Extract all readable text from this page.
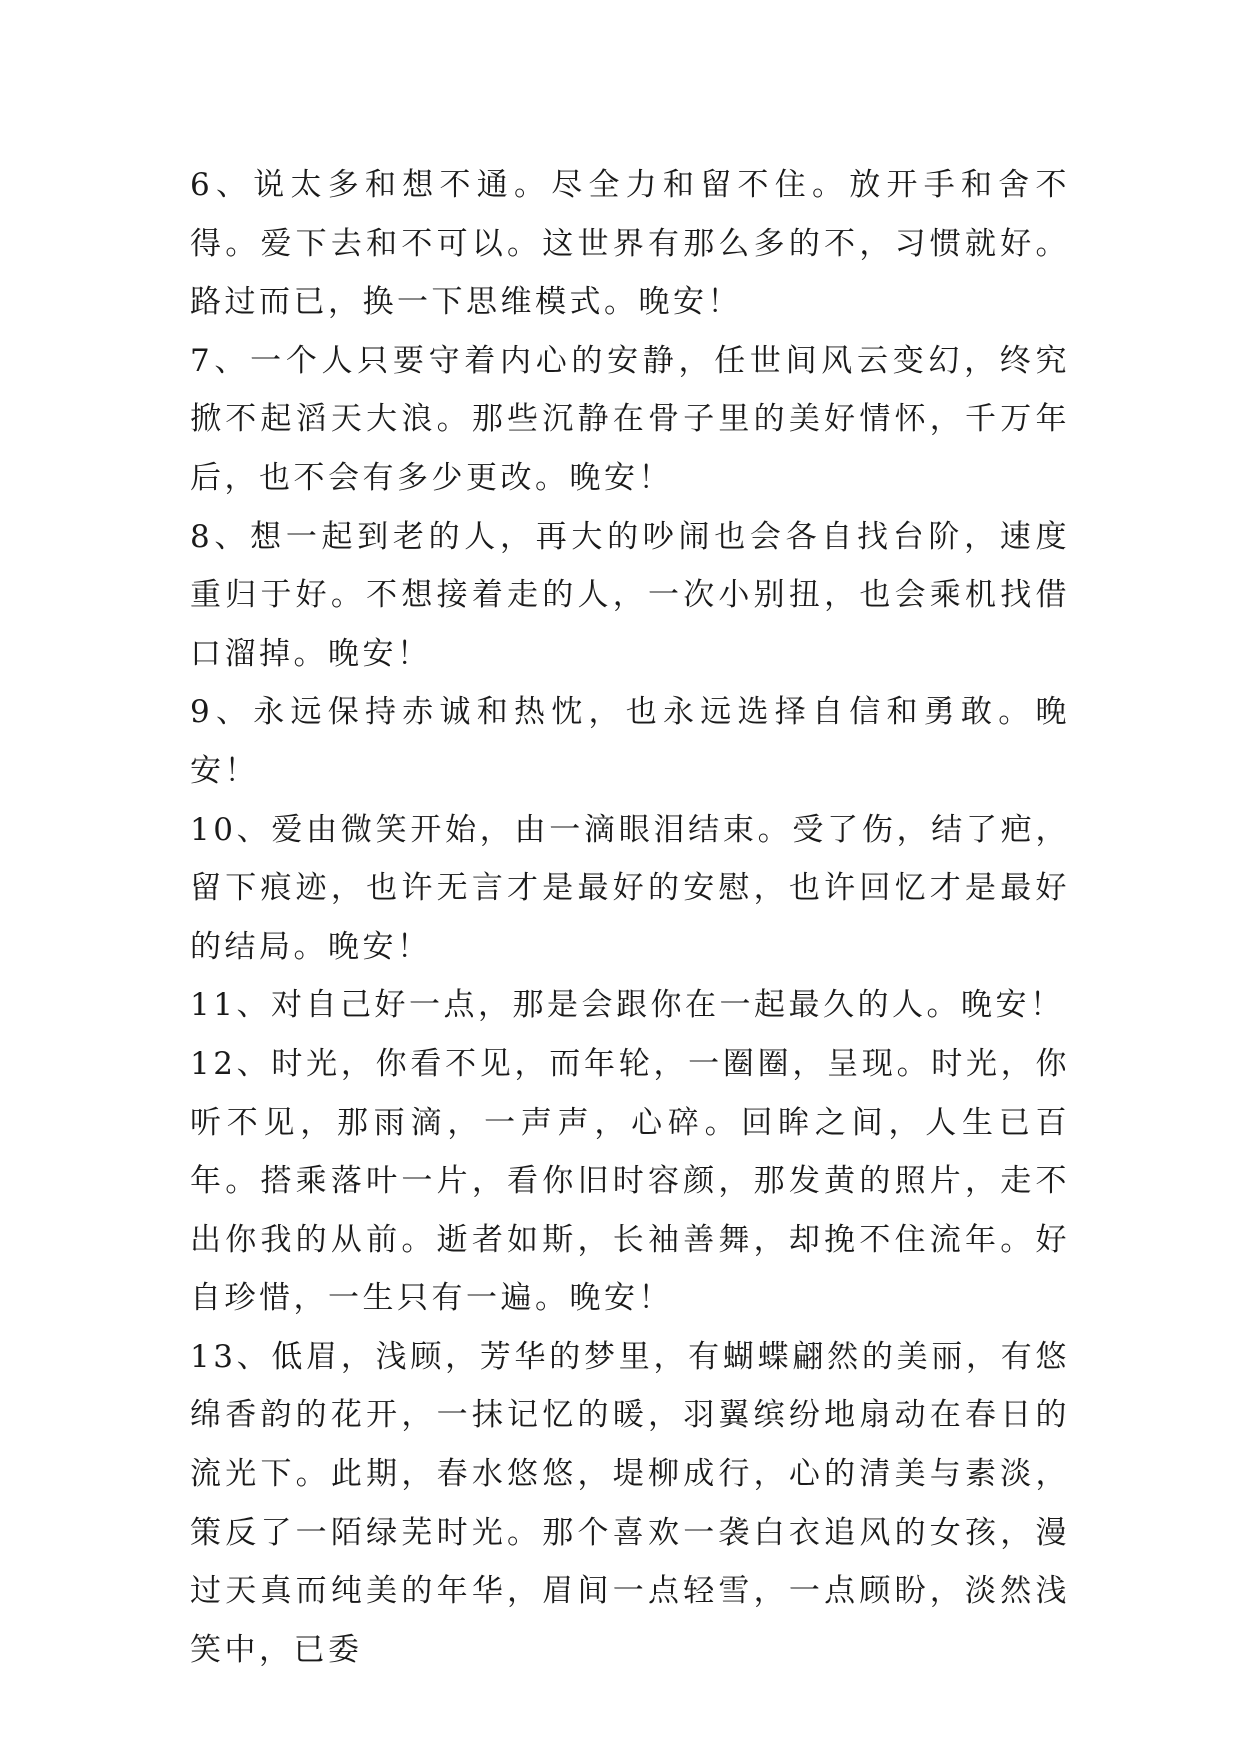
6、说太多和想不通。尽全力和留不住。放开手和舍不得。爱下去和不可以。这世界有那么多的不，习惯就好。路过而已，换一下思维模式。晚安！

7、一个人只要守着内心的安静，任世间风云变幻，终究掀不起滔天大浪。那些沉静在骨子里的美好情怀，千万年后，也不会有多少更改。晚安！

8、想一起到老的人，再大的吵闹也会各自找台阶，速度重归于好。不想接着走的人，一次小别扭，也会乘机找借口溜掉。晚安！

9、永远保持赤诚和热忱，也永远选择自信和勇敢。晚安！

10、爱由微笑开始，由一滴眼泪结束。受了伤，结了疤，留下痕迹，也许无言才是最好的安慰，也许回忆才是最好的结局。晚安！

11、对自己好一点，那是会跟你在一起最久的人。晚安！

12、时光，你看不见，而年轮，一圈圈，呈现。时光，你听不见，那雨滴，一声声，心碎。回眸之间，人生已百年。搭乘落叶一片，看你旧时容颜，那发黄的照片，走不出你我的从前。逝者如斯，长袖善舞，却挽不住流年。好自珍惜，一生只有一遍。晚安！

13、低眉，浅顾，芳华的梦里，有蝴蝶翩然的美丽，有悠绵香韵的花开，一抹记忆的暖，羽翼缤纷地扇动在春日的流光下。此期，春水悠悠，堤柳成行，心的清美与素淡，策反了一陌绿芜时光。那个喜欢一袭白衣追风的女孩，漫过天真而纯美的年华，眉间一点轻雪，一点顾盼，淡然浅笑中，已委
